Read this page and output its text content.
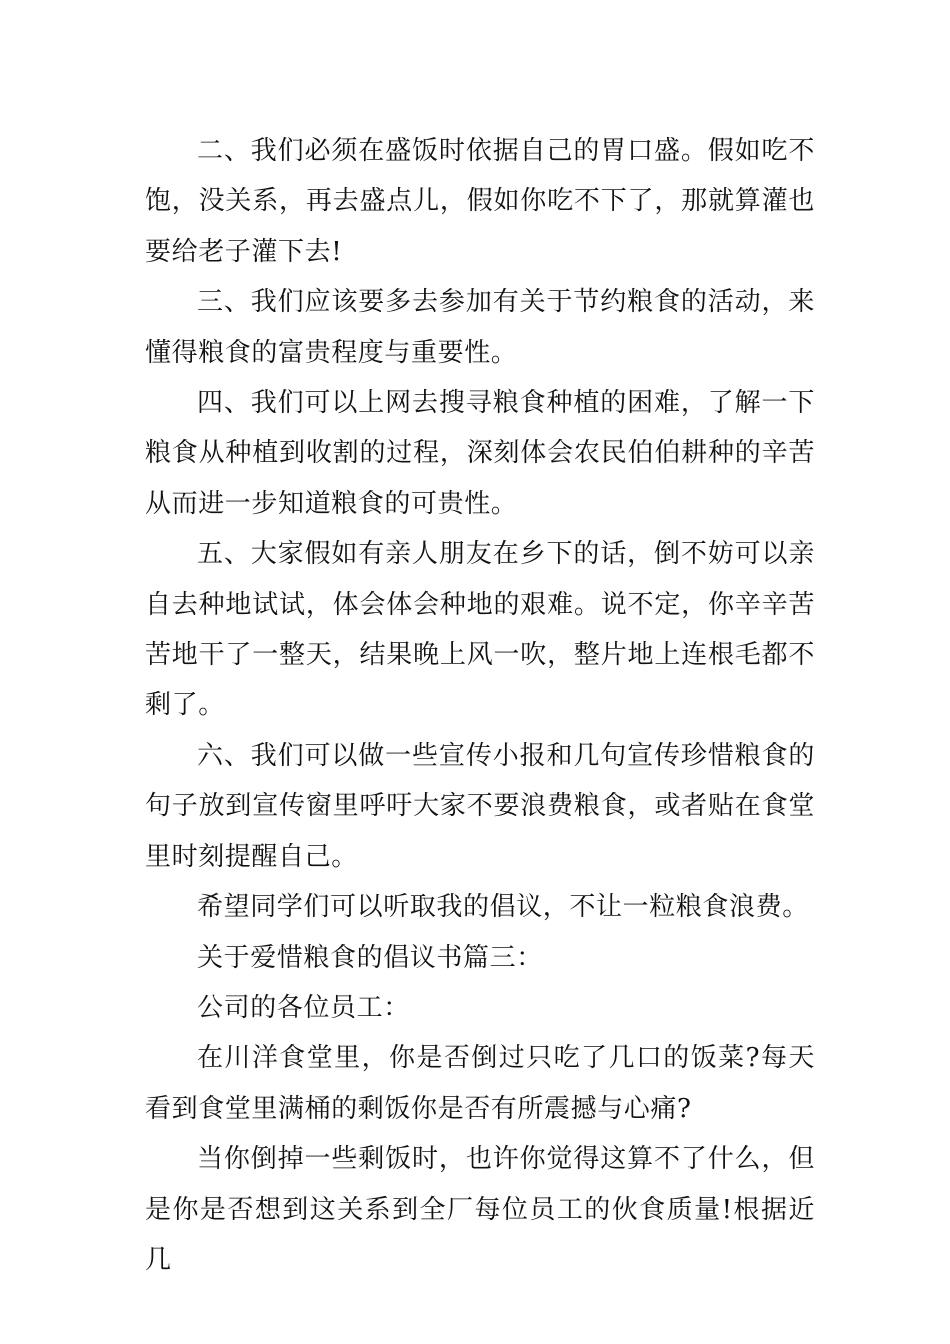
二、我们必须在盛饭时依据自己的胃口盛。假如吃不饱，没关系，再去盛点儿，假如你吃不下了，那就算灌也要给老子灌下去!

三、我们应该要多去参加有关于节约粮食的活动，来懂得粮食的富贵程度与重要性。

四、我们可以上网去搜寻粮食种植的困难，了解一下粮食从种植到收割的过程，深刻体会农民伯伯耕种的辛苦从而进一步知道粮食的可贵性。

五、大家假如有亲人朋友在乡下的话，倒不妨可以亲自去种地试试，体会体会种地的艰难。说不定，你辛辛苦苦地干了一整天，结果晚上风一吹，整片地上连根毛都不剩了。

六、我们可以做一些宣传小报和几句宣传珍惜粮食的句子放到宣传窗里呼吁大家不要浪费粮食，或者贴在食堂里时刻提醒自己。

希望同学们可以听取我的倡议，不让一粒粮食浪费。

关于爱惜粮食的倡议书篇三：

公司的各位员工：

在川洋食堂里，你是否倒过只吃了几口的饭菜?每天看到食堂里满桶的剩饭你是否有所震撼与心痛?

当你倒掉一些剩饭时，也许你觉得这算不了什么，但是你是否想到这关系到全厂每位员工的伙食质量!根据近几
